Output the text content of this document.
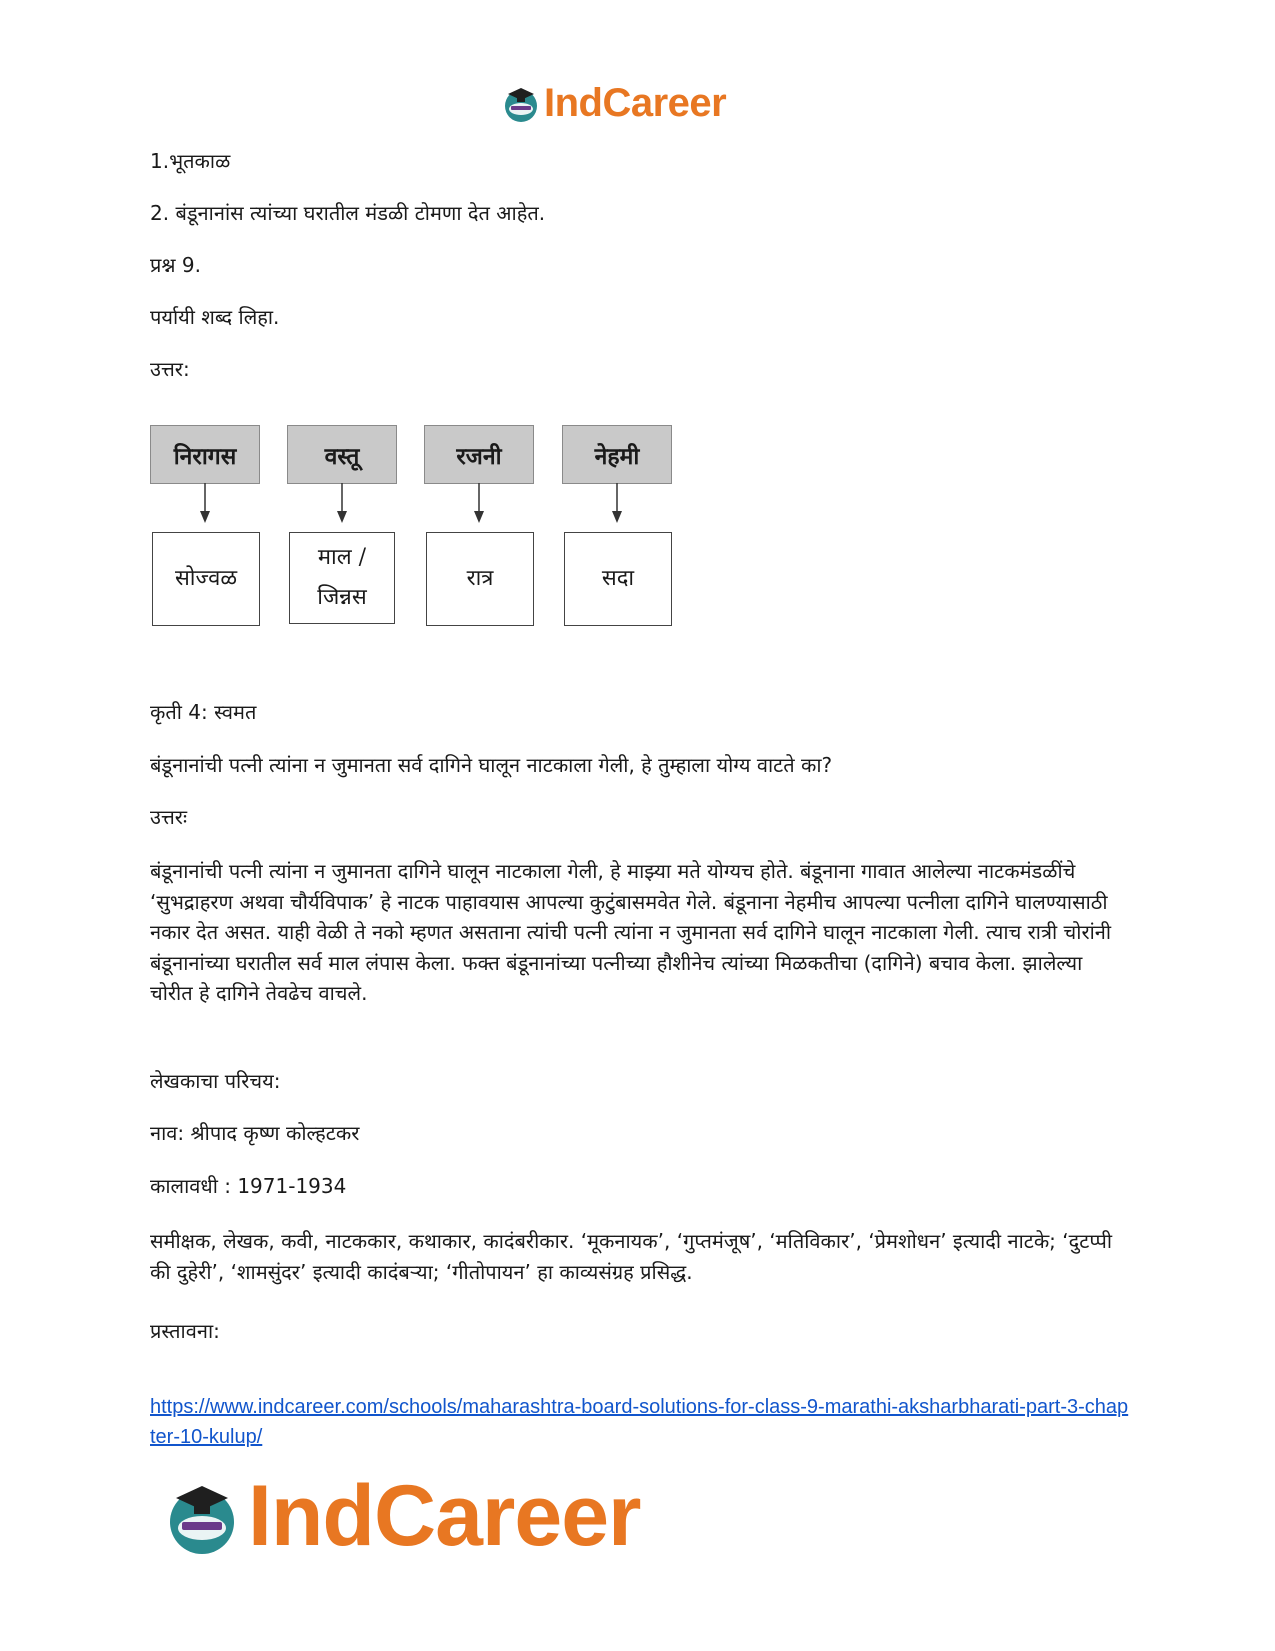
IndCareer

1.भूतकाळ

2. बंडूनानांस त्यांच्या घरातील मंडळी टोमणा देत आहेत.

प्रश्न 9.

पर्यायी शब्द लिहा.

उत्तर:

निरागस
सोज्वळ
वस्तू
माल / जिन्नस
रजनी
रात्र
नेहमी
सदा

कृती 4: स्वमत

बंडूनानांची पत्नी त्यांना न जुमानता सर्व दागिने घालून नाटकाला गेली, हे तुम्हाला योग्य वाटते का?

उत्तरः

बंडूनानांची पत्नी त्यांना न जुमानता दागिने घालून नाटकाला गेली, हे माझ्या मते योग्यच होते. बंडूनाना गावात आलेल्या नाटकमंडळींचे ‘सुभद्राहरण अथवा चौर्यविपाक’ हे नाटक पाहावयास आपल्या कुटुंबासमवेत गेले. बंडूनाना नेहमीच आपल्या पत्नीला दागिने घालण्यासाठी नकार देत असत. याही वेळी ते नको म्हणत असताना त्यांची पत्नी त्यांना न जुमानता सर्व दागिने घालून नाटकाला गेली. त्याच रात्री चोरांनी बंडूनानांच्या घरातील सर्व माल लंपास केला. फक्त बंडूनानांच्या पत्नीच्या हौशीनेच त्यांच्या मिळकतीचा (दागिने) बचाव केला. झालेल्या चोरीत हे दागिने तेवढेच वाचले.

लेखकाचा परिचय:

नाव: श्रीपाद कृष्ण कोल्हटकर

कालावधी : 1971-1934

समीक्षक, लेखक, कवी, नाटककार, कथाकार, कादंबरीकार. ‘मूकनायक’, ‘गुप्तमंजूष’, ‘मतिविकार’, ‘प्रेमशोधन’ इत्यादी नाटके; ‘दुटप्पी की दुहेरी’, ‘शामसुंदर’ इत्यादी कादंबऱ्या; ‘गीतोपायन’ हा काव्यसंग्रह प्रसिद्ध.

प्रस्तावना:

https://www.indcareer.com/schools/maharashtra-board-solutions-for-class-9-marathi-aksharbharati-part-3-chapter-10-kulup/
IndCareer
